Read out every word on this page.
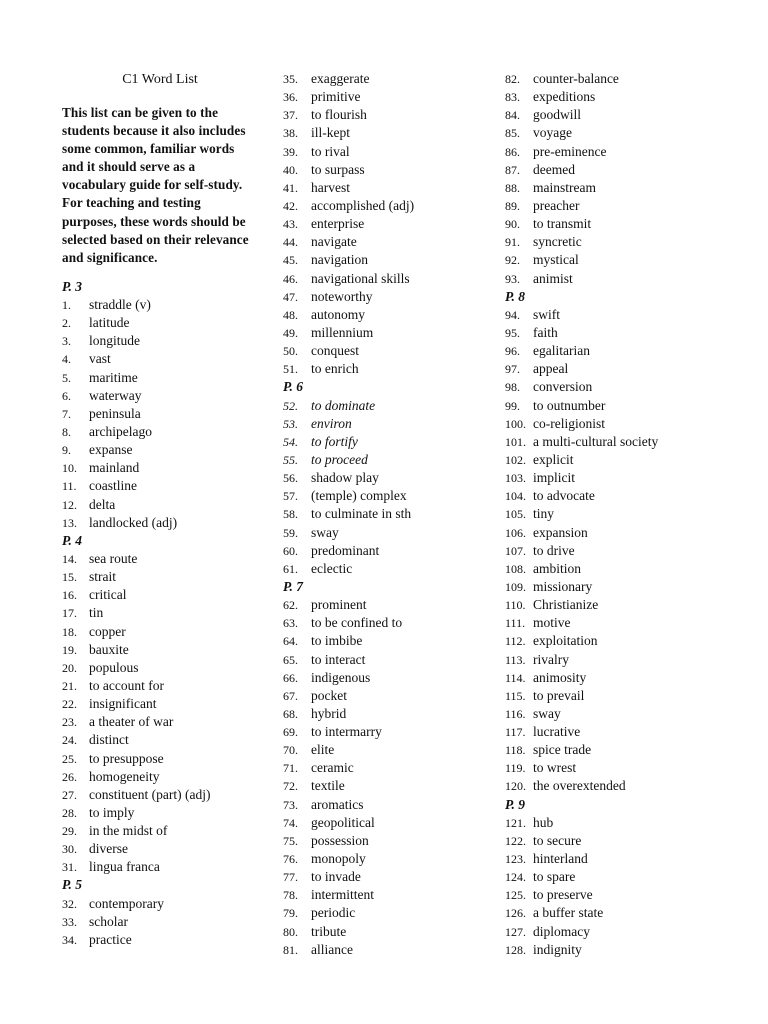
C1 Word List
This list can be given to the students because it also includes some common, familiar words and it should serve as a vocabulary guide for self-study. For teaching and testing purposes, these words should be selected based on their relevance and significance.
P. 3
1.	straddle (v)
2.	latitude
3.	longitude
4.	vast
5.	maritime
6.	waterway
7.	peninsula
8.	archipelago
9.	expanse
10. mainland
11. coastline
12. delta
13. landlocked (adj)
P. 4
14. sea route
15. strait
16. critical
17. tin
18. copper
19. bauxite
20. populous
21. to account for
22. insignificant
23. a theater of war
24. distinct
25. to presuppose
26. homogeneity
27. constituent (part) (adj)
28. to imply
29. in the midst of
30. diverse
31. lingua franca
P. 5
32. contemporary
33. scholar
34. practice
35. exaggerate
36. primitive
37. to flourish
38. ill-kept
39. to rival
40. to surpass
41. harvest
42. accomplished (adj)
43. enterprise
44. navigate
45. navigation
46. navigational skills
47. noteworthy
48. autonomy
49. millennium
50. conquest
51. to enrich
P. 6
52. to dominate
53. environ
54. to fortify
55. to proceed
56. shadow play
57. (temple) complex
58. to culminate in sth
59. sway
60. predominant
61. eclectic
P. 7
62. prominent
63. to be confined to
64. to imbibe
65. to interact
66. indigenous
67. pocket
68. hybrid
69. to intermarry
70. elite
71. ceramic
72. textile
73. aromatics
74. geopolitical
75. possession
76. monopoly
77. to invade
78. intermittent
79. periodic
80. tribute
81. alliance
82. counter-balance
83. expeditions
84. goodwill
85. voyage
86. pre-eminence
87. deemed
88. mainstream
89. preacher
90. to transmit
91. syncretic
92. mystical
93. animist
P. 8
94. swift
95. faith
96. egalitarian
97. appeal
98. conversion
99. to outnumber
100. co-religionist
101. a multi-cultural society
102. explicit
103. implicit
104. to advocate
105. tiny
106. expansion
107. to drive
108. ambition
109. missionary
110. Christianize
111. motive
112. exploitation
113. rivalry
114. animosity
115. to prevail
116. sway
117. lucrative
118. spice trade
119. to wrest
120. the overextended
P. 9
121. hub
122. to secure
123. hinterland
124. to spare
125. to preserve
126. a buffer state
127. diplomacy
128. indignity
